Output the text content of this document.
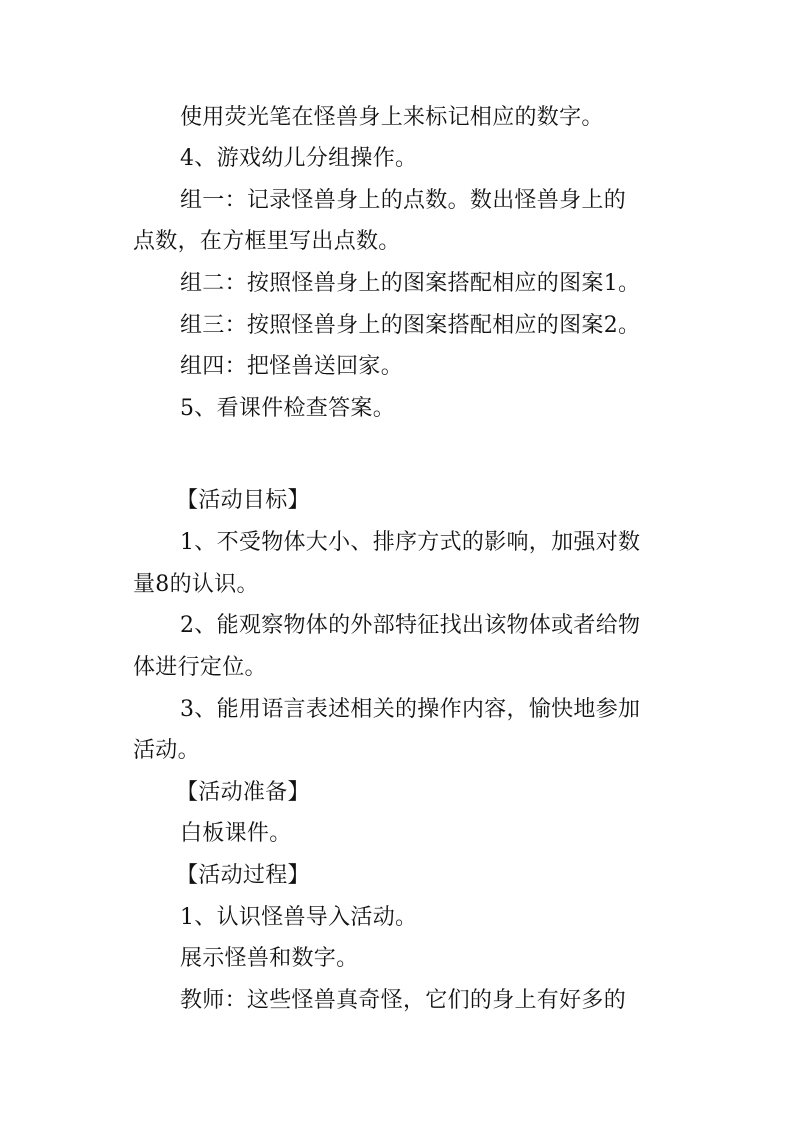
使用荧光笔在怪兽身上来标记相应的数字。
4、游戏幼儿分组操作。
组一：记录怪兽身上的点数。数出怪兽身上的
点数，在方框里写出点数。
组二：按照怪兽身上的图案搭配相应的图案1。
组三：按照怪兽身上的图案搭配相应的图案2。
组四：把怪兽送回家。
5、看课件检查答案。
【活动目标】
1、不受物体大小、排序方式的影响，加强对数
量8的认识。
2、能观察物体的外部特征找出该物体或者给物
体进行定位。
3、能用语言表述相关的操作内容，愉快地参加
活动。
【活动准备】
白板课件。
【活动过程】
1、认识怪兽导入活动。
展示怪兽和数字。
教师：这些怪兽真奇怪，它们的身上有好多的
